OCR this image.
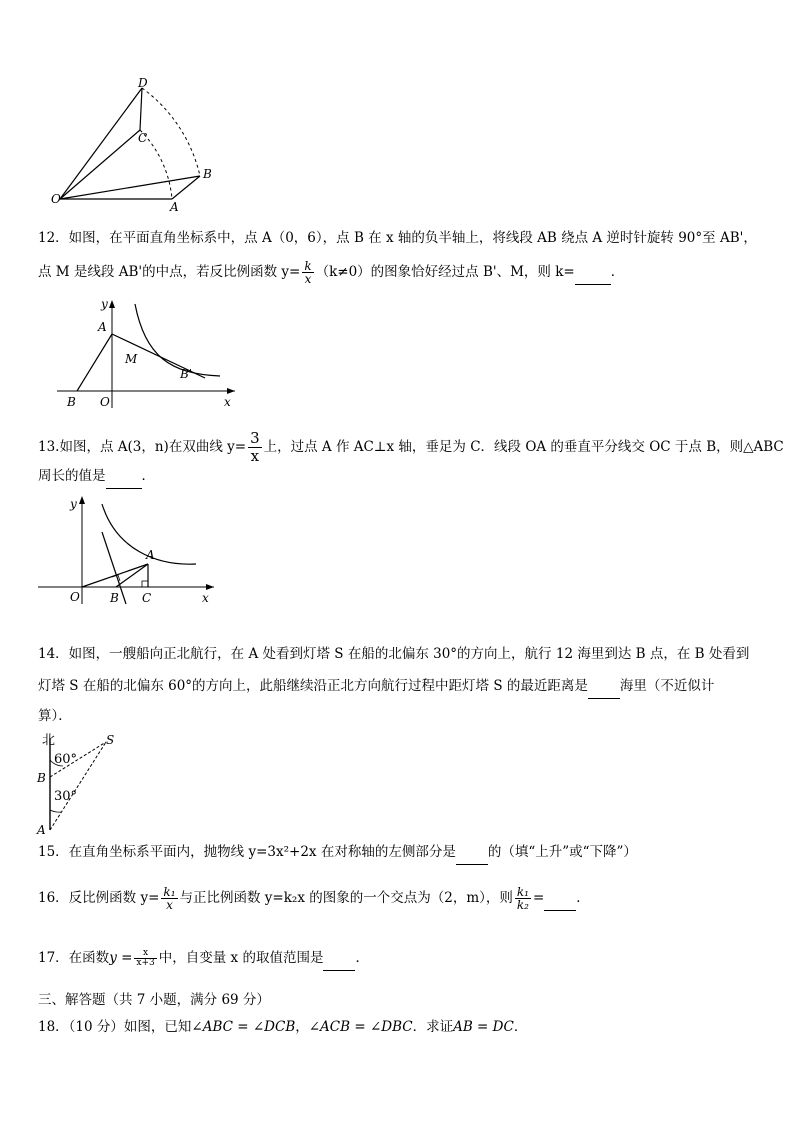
D
C
B
O
A
12．如图，在平面直角坐标系中，点 A（0，6），点 B 在 x 轴的负半轴上，将线段 AB 绕点 A 逆时针旋转 90°至 AB'，
点 M 是线段 AB'的中点，若反比例函数 $y= \frac{k}{x} (k\ne 0)$的图象恰好经过点 B'、M，则 k=	．
y
A
M
B'
B O	x
13.如图，点 A(3，n)在双曲线 $y= \frac{3}{x}$ 上，过点 A 作 AC⊥x 轴，垂足为 C．线段 OA 的垂直平分线交 OC 于点 B，则△ABC
周长的值是	．
y
A
O	B C	x
14．如图，一艘船向正北航行，在 A 处看到灯塔 S 在船的北偏东 30°的方向上，航行 12 海里到达 B 点，在 B 处看到
灯塔 S 在船的北偏东 60°的方向上，此船继续沿正北方向航行过程中距灯塔 S 的最近距离是 海里（不近似计
算）．
北	S
60°
B
30°
A
15．在直角坐标系平面内，抛物线 y=3x²+2x 在对称轴的左侧部分是 的（填“上升”或“下降”）
16．反比例函数 $y= \frac{\text{k₁}}{x}$ 与正比例函数 y=k₂x 的图象的一个交点为（2，m），则 $\frac{\text{k₁}}{\text{k₂}}$ = ．
17．在函数$y = \frac{x}{x+3}$ 中，自变量 x 的取值范围是 ．
三、解答题（共 7 小题，满分 69 分）
18．（10 分）如图，已知∠ABC = ∠DCB，∠ACB = ∠DBC．求证AB = DC．
